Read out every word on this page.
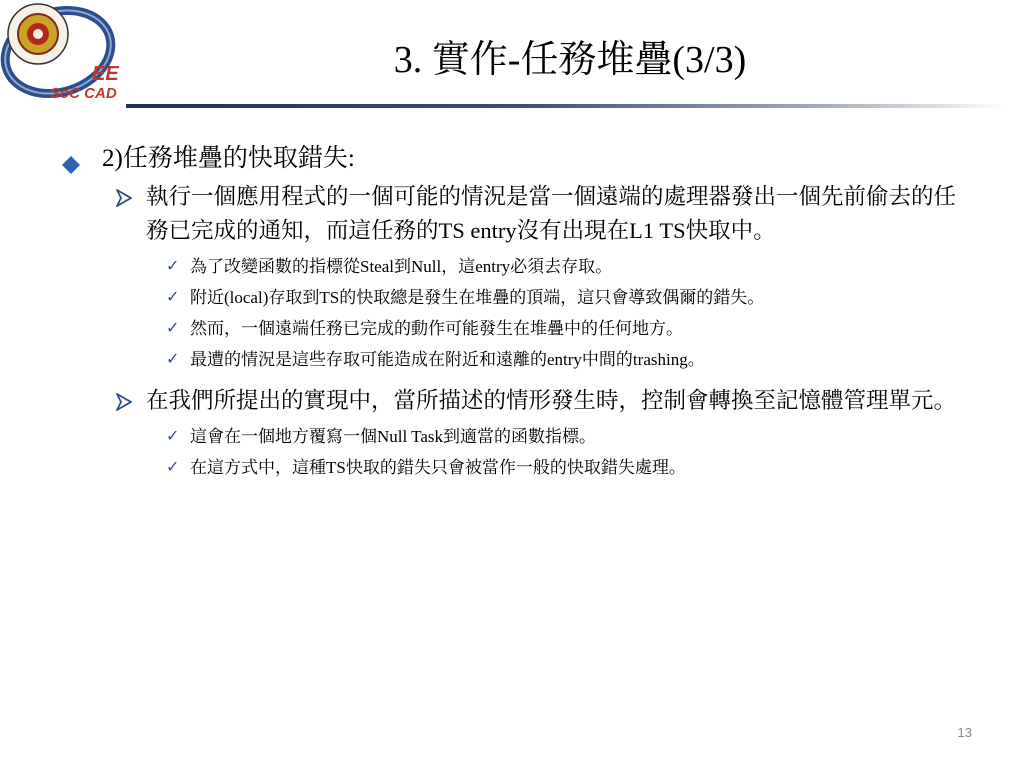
EE
SoC CAD
3. 實作-任務堆疊(3/3)
2)任務堆疊的快取錯失:
執行一個應用程式的一個可能的情況是當一個遠端的處理器發出一個先前偷去的任務已完成的通知，而這任務的TS entry沒有出現在L1 TS快取中。
✓ 為了改變函數的指標從Steal到Null，這entry必須去存取。
✓ 附近(local)存取到TS的快取總是發生在堆疊的頂端，這只會導致偶爾的錯失。
✓ 然而，一個遠端任務已完成的動作可能發生在堆疊中的任何地方。
✓ 最遭的情況是這些存取可能造成在附近和遠離的entry中間的trashing。
在我們所提出的實現中，當所描述的情形發生時，控制會轉換至記憶體管理單元。
✓ 這會在一個地方覆寫一個Null Task到適當的函數指標。
✓ 在這方式中，這種TS快取的錯失只會被當作一般的快取錯失處理。
13
